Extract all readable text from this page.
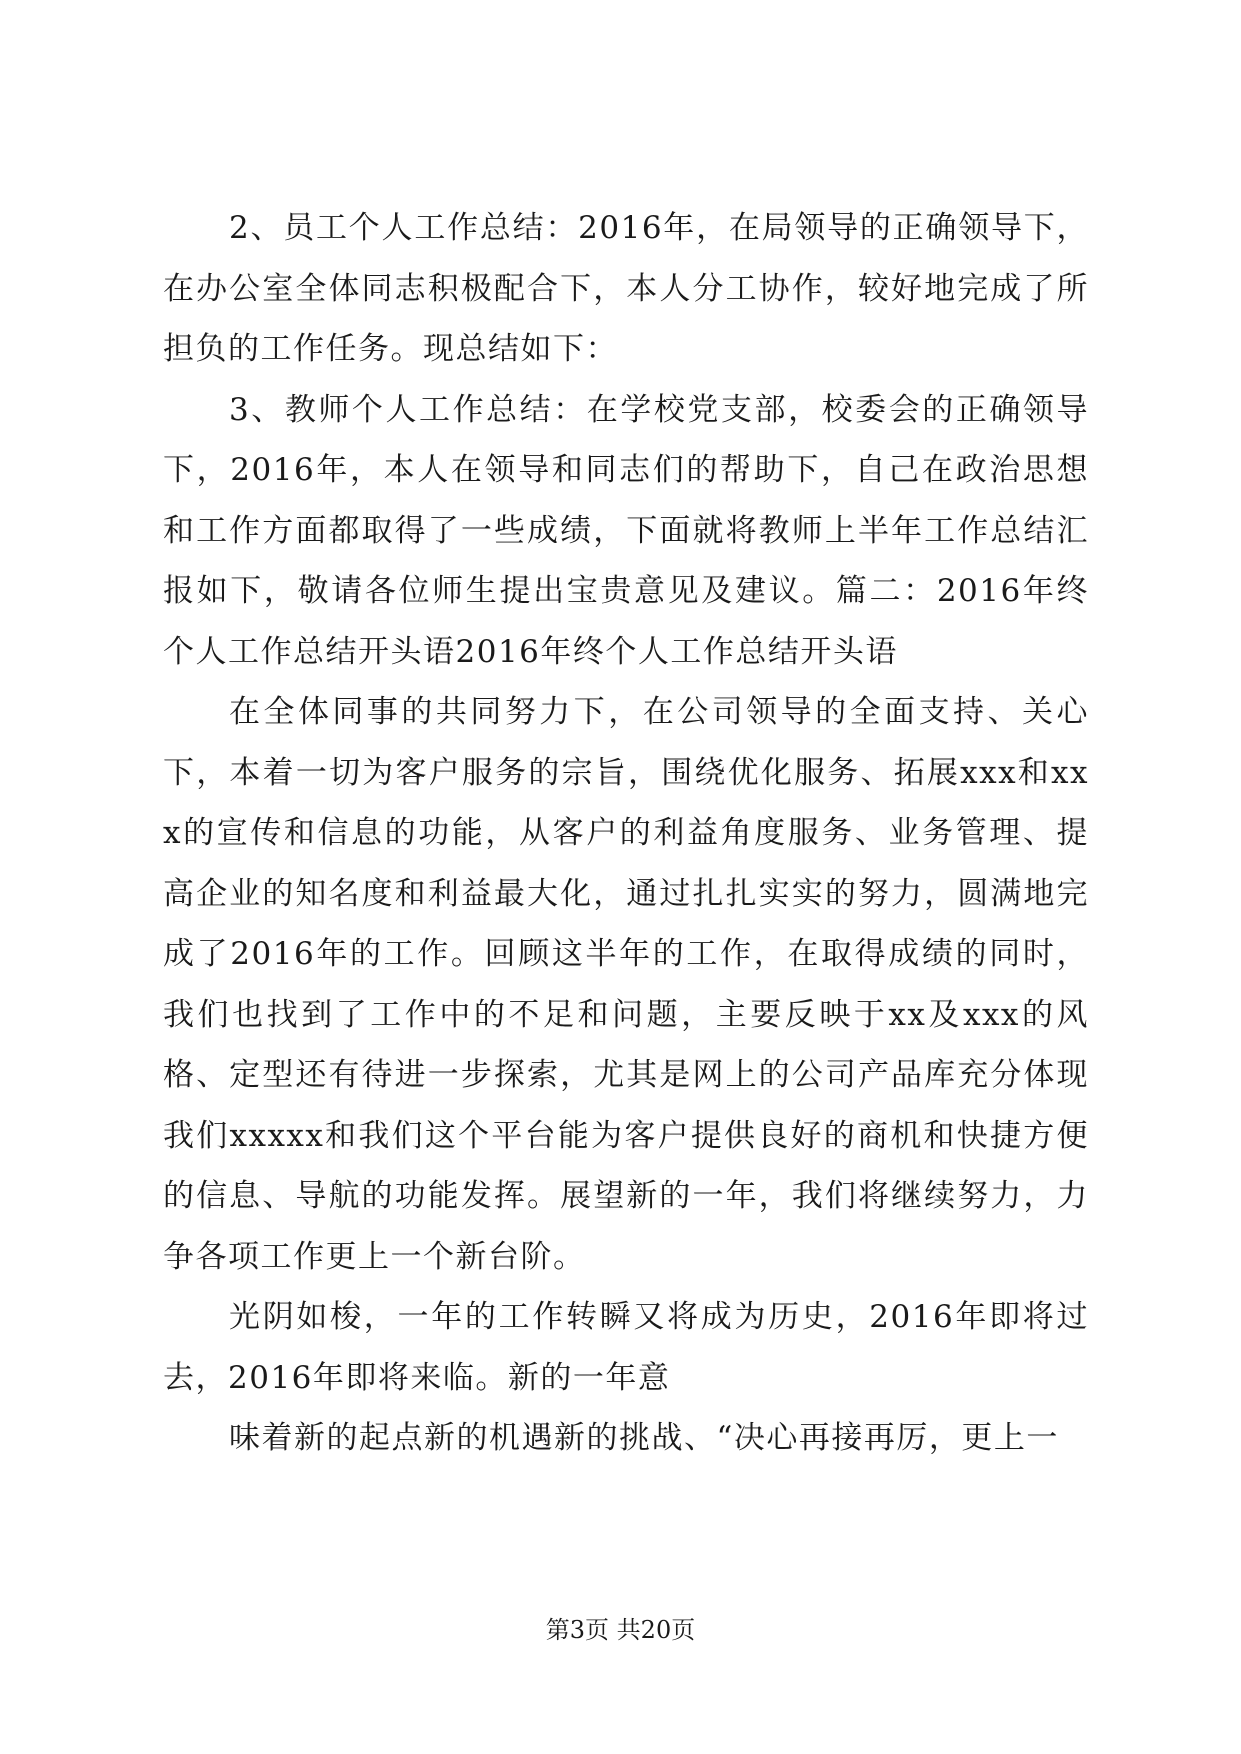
2、员工个人工作总结：2016年，在局领导的正确领导下，在办公室全体同志积极配合下，本人分工协作，较好地完成了所担负的工作任务。现总结如下：

3、教师个人工作总结：在学校党支部，校委会的正确领导下，2016年，本人在领导和同志们的帮助下，自己在政治思想和工作方面都取得了一些成绩，下面就将教师上半年工作总结汇报如下，敬请各位师生提出宝贵意见及建议。篇二：2016年终个人工作总结开头语2016年终个人工作总结开头语

在全体同事的共同努力下，在公司领导的全面支持、关心下，本着一切为客户服务的宗旨，围绕优化服务、拓展xxx和xxx的宣传和信息的功能，从客户的利益角度服务、业务管理、提高企业的知名度和利益最大化，通过扎扎实实的努力，圆满地完成了2016年的工作。回顾这半年的工作，在取得成绩的同时，我们也找到了工作中的不足和问题，主要反映于xx及xxx的风格、定型还有待进一步探索，尤其是网上的公司产品库充分体现我们xxxxx和我们这个平台能为客户提供良好的商机和快捷方便的信息、导航的功能发挥。展望新的一年，我们将继续努力，力争各项工作更上一个新台阶。

光阴如梭，一年的工作转瞬又将成为历史，2016年即将过去，2016年即将来临。新的一年意

味着新的起点新的机遇新的挑战、“决心再接再厉，更上一

第3页 共20页
